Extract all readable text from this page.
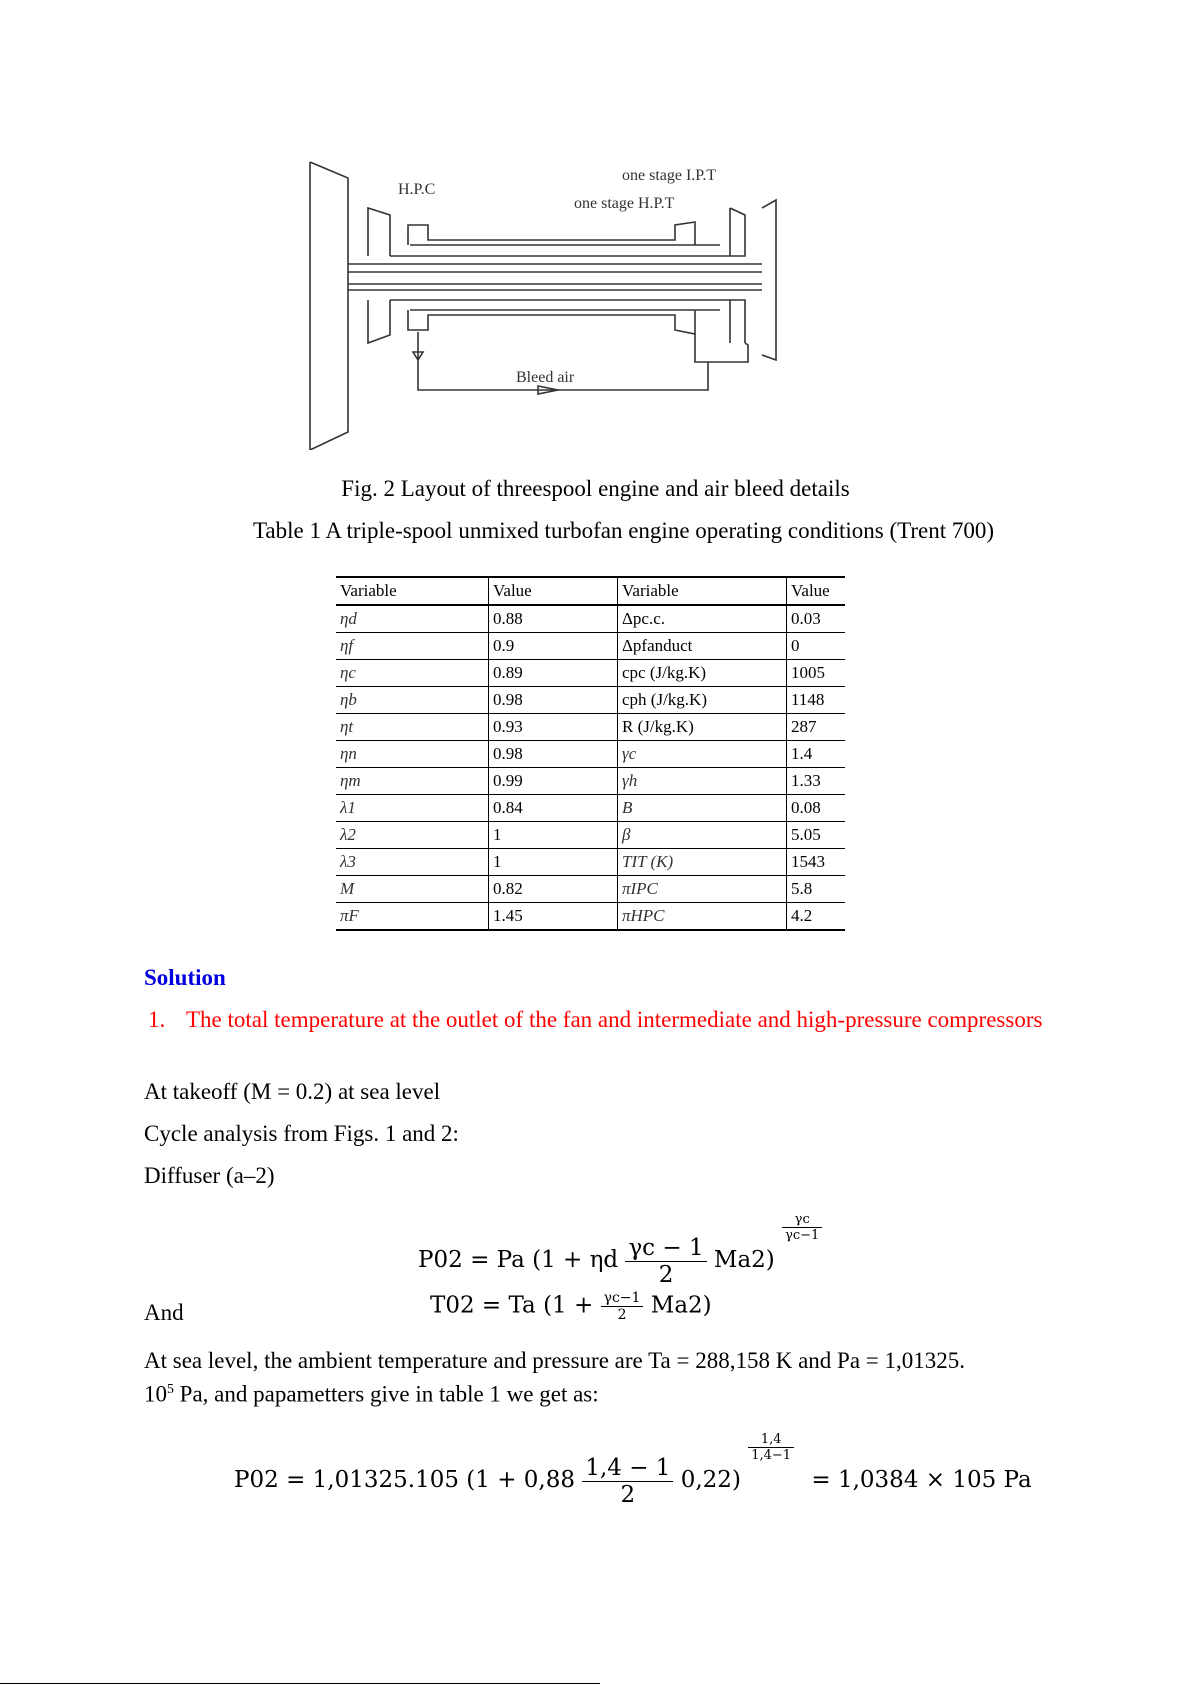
H.P.C
one stage I.P.T
one stage H.P.T
Bleed air
Fig. 2 Layout of threespool engine and air bleed details
Table 1 A triple-spool unmixed turbofan engine operating conditions (Trent 700)
Variable	Value	Variable	Value
ηd	0.88	Δpc.c.	0.03
ηf	0.9	Δpfanduct	0
ηc	0.89	cpc (J/kg.K)	1005
ηb	0.98	cph (J/kg.K)	1148
ηt	0.93	R (J/kg.K)	287
ηn	0.98	γc	1.4
ηm	0.99	γh	1.33
λ1	0.84	B	0.08
λ2	1	β	5.05
λ3	1	TIT (K)	1543
M	0.82	πIPC	5.8
πF	1.45	πHPC	4.2
Solution
1. The total temperature at the outlet of the fan and intermediate and high-pressure compressors
At takeoff (M = 0.2) at sea level
Cycle analysis from Figs. 1 and 2:
Diffuser (a–2)
P02 = Pa (1 + ηd $\frac{\gamma c - 1}{2} Ma2$)
$\frac{\gamma c}{\gamma c-1}$
And	T02 = Ta $(1 + \frac{\gamma c-1}{2} Ma2)$
At sea level, the ambient temperature and pressure are Ta = 288,158 K and Pa = 1,01325.
$10^5$ Pa, and papametters give in table 1 we get as:
P02 = 1,01325.105 $(1 + 0,88 \frac{1,4 - 1}{2} 0,22)$
$\frac{1,4}{1,4-1}$
= 1,0384 × 105 Pa
